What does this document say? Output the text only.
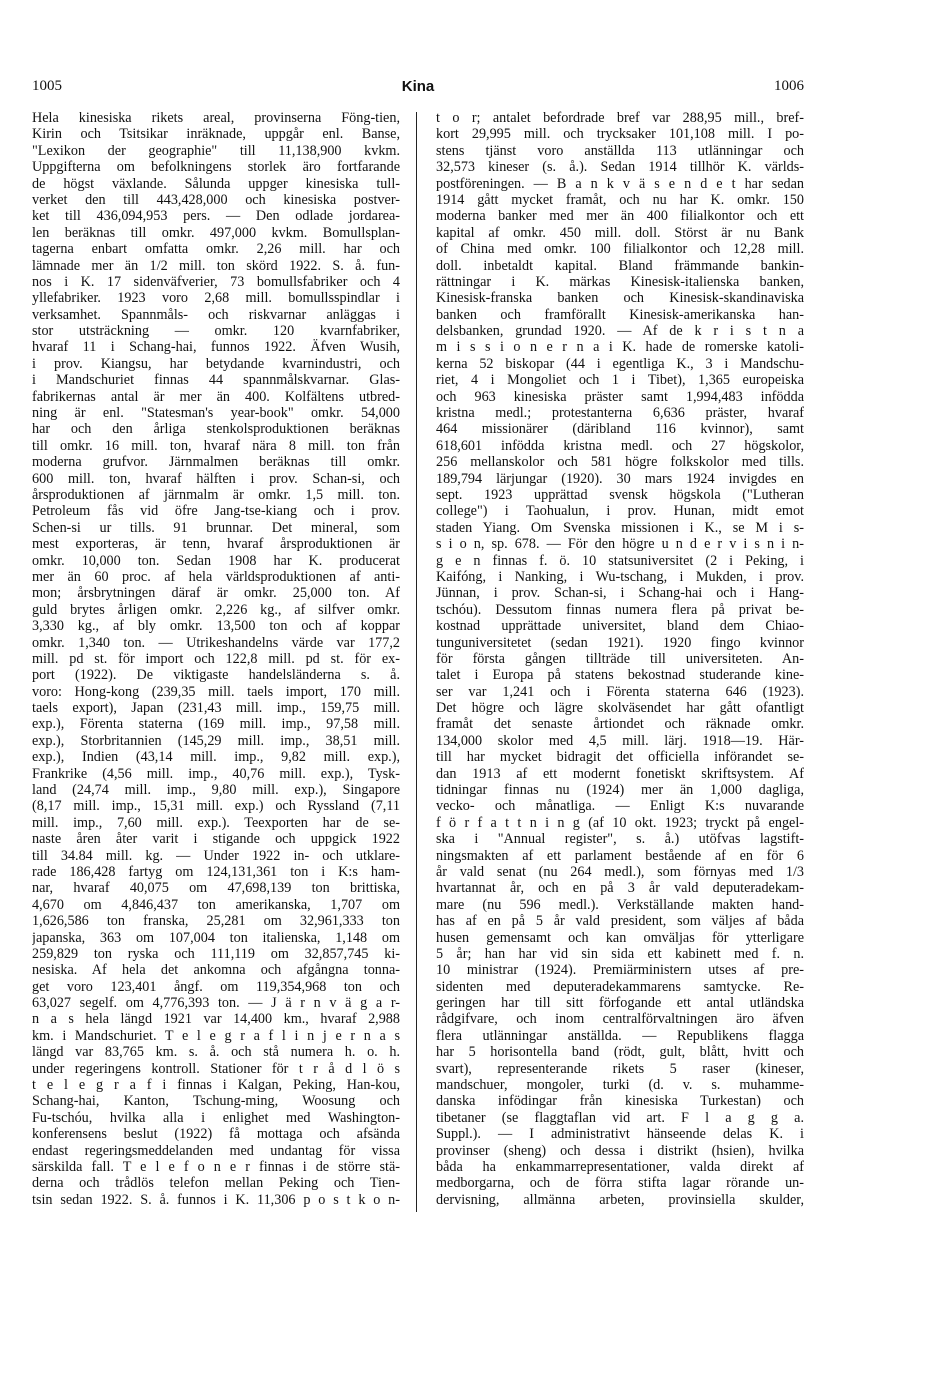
1005	Kina	1006
Hela kinesiska rikets areal, provinserna Föng-tien,
Kirin och Tsitsikar inräknade, uppgår enl. Banse,
"Lexikon der geographie" till 11,138,900 kvkm.
Uppgifterna om befolkningens storlek äro fortfarande
de högst växlande. Sålunda uppger kinesiska tull-
verket den till 443,428,000 och kinesiska postver-
ket till 436,094,953 pers. — Den odlade jordarea-
len beräknas till omkr. 497,000 kvkm. Bomullsplan-
tagerna enbart omfatta omkr. 2,26 mill. har och
lämnade mer än 1/2 mill. ton skörd 1922. S. å. fun-
nos i K. 17 sidenväfverier, 73 bomullsfabriker och 4
yllefabriker. 1923 voro 2,68 mill. bomullsspindlar i
verksamhet. Spannmåls- och riskvarnar anläggas i
stor utsträckning — omkr. 120 kvarnfabriker,
hvaraf 11 i Schang-hai, funnos 1922. Äfven Wusih,
i prov. Kiangsu, har betydande kvarnindustri, och
i Mandschuriet finnas 44 spannmålskvarnar. Glas-
fabrikernas antal är mer än 400. Kolfältens utbred-
ning är enl. "Statesman's year-book" omkr. 54,000
har och den årliga stenkolsproduktionen beräknas
till omkr. 16 mill. ton, hvaraf nära 8 mill. ton från
moderna grufvor. Järnmalmen beräknas till omkr.
600 mill. ton, hvaraf hälften i prov. Schan-si, och
årsproduktionen af järnmalm är omkr. 1,5 mill. ton.
Petroleum fås vid öfre Jang-tse-kiang och i prov.
Schen-si ur tills. 91 brunnar. Det mineral, som
mest exporteras, är tenn, hvaraf årsproduktionen är
omkr. 10,000 ton. Sedan 1908 har K. producerat
mer än 60 proc. af hela världsproduktionen af anti-
mon; årsbrytningen däraf är omkr. 25,000 ton. Af
guld brytes årligen omkr. 2,226 kg., af silfver omkr.
3,330 kg., af bly omkr. 13,500 ton och af koppar
omkr. 1,340 ton. — Utrikeshandelns värde var 177,2
mill. pd st. för import och 122,8 mill. pd st. för ex-
port (1922). De viktigaste handelsländerna s. å.
voro: Hong-kong (239,35 mill. taels import, 170 mill.
taels export), Japan (231,43 mill. imp., 159,75 mill.
exp.), Förenta staterna (169 mill. imp., 97,58 mill.
exp.), Storbritannien (145,29 mill. imp., 38,51 mill.
exp.), Indien (43,14 mill. imp., 9,82 mill. exp.),
Frankrike (4,56 mill. imp., 40,76 mill. exp.), Tysk-
land (24,74 mill. imp., 9,80 mill. exp.), Singapore
(8,17 mill. imp., 15,31 mill. exp.) och Ryssland (7,11
mill. imp., 7,60 mill. exp.). Teexporten har de se-
naste åren åter varit i stigande och uppgick 1922
till 34.84 mill. kg. — Under 1922 in- och utklare-
rade 186,428 fartyg om 124,131,361 ton i K:s ham-
nar, hvaraf 40,075 om 47,698,139 ton brittiska,
4,670 om 4,846,437 ton amerikanska, 1,707 om
1,626,586 ton franska, 25,281 om 32,961,333 ton
japanska, 363 om 107,004 ton italienska, 1,148 om
259,829 ton ryska och 111,119 om 32,857,745 ki-
nesiska. Af hela det ankomna och afgångna tonna-
get voro 123,401 ångf. om 119,354,968 ton och
63,027 segelf. om 4,776,393 ton. — J ä r n v ä g a r-
n a s hela längd 1921 var 14,400 km., hvaraf 2,988
km. i Mandschuriet. T e l e g r a f l i n j e r n a s
längd var 83,765 km. s. å. och stå numera h. o. h.
under regeringens kontroll. Stationer för t r å d l ö s
t e l e g r a f i finnas i Kalgan, Peking, Han-kou,
Schang-hai, Kanton, Tschung-ming, Woosung och
Fu-tschóu, hvilka alla i enlighet med Washington-
konferensens beslut (1922) få mottaga och afsända
endast regeringsmeddelanden med undantag för vissa
särskilda fall. T e l e f o n e r finnas i de större stä-
derna och trådlös telefon mellan Peking och Tien-
tsin sedan 1922. S. å. funnos i K. 11,306 p o s t k o n-
t o r; antalet befordrade bref var 288,95 mill., bref-
kort 29,995 mill. och trycksaker 101,108 mill. I po-
stens tjänst voro anställda 113 utlänningar och
32,573 kineser (s. å.). Sedan 1914 tillhör K. världs-
postföreningen. — B a n k v ä s e n d e t har sedan
1914 gått mycket framåt, och nu har K. omkr. 150
moderna banker med mer än 400 filialkontor och ett
kapital af omkr. 450 mill. doll. Störst är nu Bank
of China med omkr. 100 filialkontor och 12,28 mill.
doll. inbetaldt kapital. Bland främmande bankin-
rättningar i K. märkas Kinesisk-italienska banken,
Kinesisk-franska banken och Kinesisk-skandinaviska
banken och framförallt Kinesisk-amerikanska han-
delsbanken, grundad 1920. — Af de k r i s t n a
m i s s i o n e r n a i K. hade de romerske katoli-
kerna 52 biskopar (44 i egentliga K., 3 i Mandschu-
riet, 4 i Mongoliet och 1 i Tibet), 1,365 europeiska
och 963 kinesiska präster samt 1,994,483 infödda
kristna medl.; protestanterna 6,636 präster, hvaraf
464 missionärer (däribland 116 kvinnor), samt
618,601 infödda kristna medl. och 27 högskolor,
256 mellanskolor och 581 högre folkskolor med tills.
189,794 lärjungar (1920). 30 mars 1924 invigdes en
sept. 1923 upprättad svensk högskola ("Lutheran
college") i Taohualun, i prov. Hunan, midt emot
staden Yiang. Om Svenska missionen i K., se M i s-
s i o n, sp. 678. — För den högre u n d e r v i s n i n-
g e n finnas f. ö. 10 statsuniversitet (2 i Peking, i
Kaifóng, i Nanking, i Wu-tschang, i Mukden, i prov.
Jünnan, i prov. Schan-si, i Schang-hai och i Hang-
tschóu). Dessutom finnas numera flera på privat be-
kostnad upprättade universitet, bland dem Chiao-
tunguniversitetet (sedan 1921). 1920 fingo kvinnor
för första gången tillträde till universiteten. An-
talet i Europa på statens bekostnad studerande kine-
ser var 1,241 och i Förenta staterna 646 (1923).
Det högre och lägre skolväsendet har gått ofantligt
framåt det senaste årtiondet och räknade omkr.
134,000 skolor med 4,5 mill. lärj. 1918—19. Här-
till har mycket bidragit det officiella införandet se-
dan 1913 af ett modernt fonetiskt skriftsystem. Af
tidningar finnas nu (1924) mer än 1,000 dagliga,
vecko- och månatliga. — Enligt K:s nuvarande
f ö r f a t t n i n g (af 10 okt. 1923; tryckt på engel-
ska i "Annual register", s. å.) utöfvas lagstift-
ningsmakten af ett parlament bestående af en för 6
år vald senat (nu 264 medl.), som förnyas med 1/3
hvartannat år, och en på 3 år vald deputeradekam-
mare (nu 596 medl.). Verkställande makten hand-
has af en på 5 år vald president, som väljes af båda
husen gemensamt och kan omväljas för ytterligare
5 år; han har vid sin sida ett kabinett med f. n.
10 ministrar (1924). Premiärministern utses af pre-
sidenten med deputeradekammarens samtycke. Re-
geringen har till sitt förfogande ett antal utländska
rådgifvare, och inom centralförvaltningen äro äfven
flera utlänningar anställda. — Republikens flagga
har 5 horisontella band (rödt, gult, blått, hvitt och
svart), representerande rikets 5 raser (kineser,
mandschuer, mongoler, turki (d. v. s. muhamme-
danska infödingar från kinesiska Turkestan) och
tibetaner (se flaggtaflan vid art. F l a g g a.
Suppl.). — I administrativt hänseende delas K. i
provinser (sheng) och dessa i distrikt (hsien), hvilka
båda ha enkammarrepresentationer, valda direkt af
medborgarna, och de förra stifta lagar rörande un-
dervisning, allmänna arbeten, provinsiella skulder,
